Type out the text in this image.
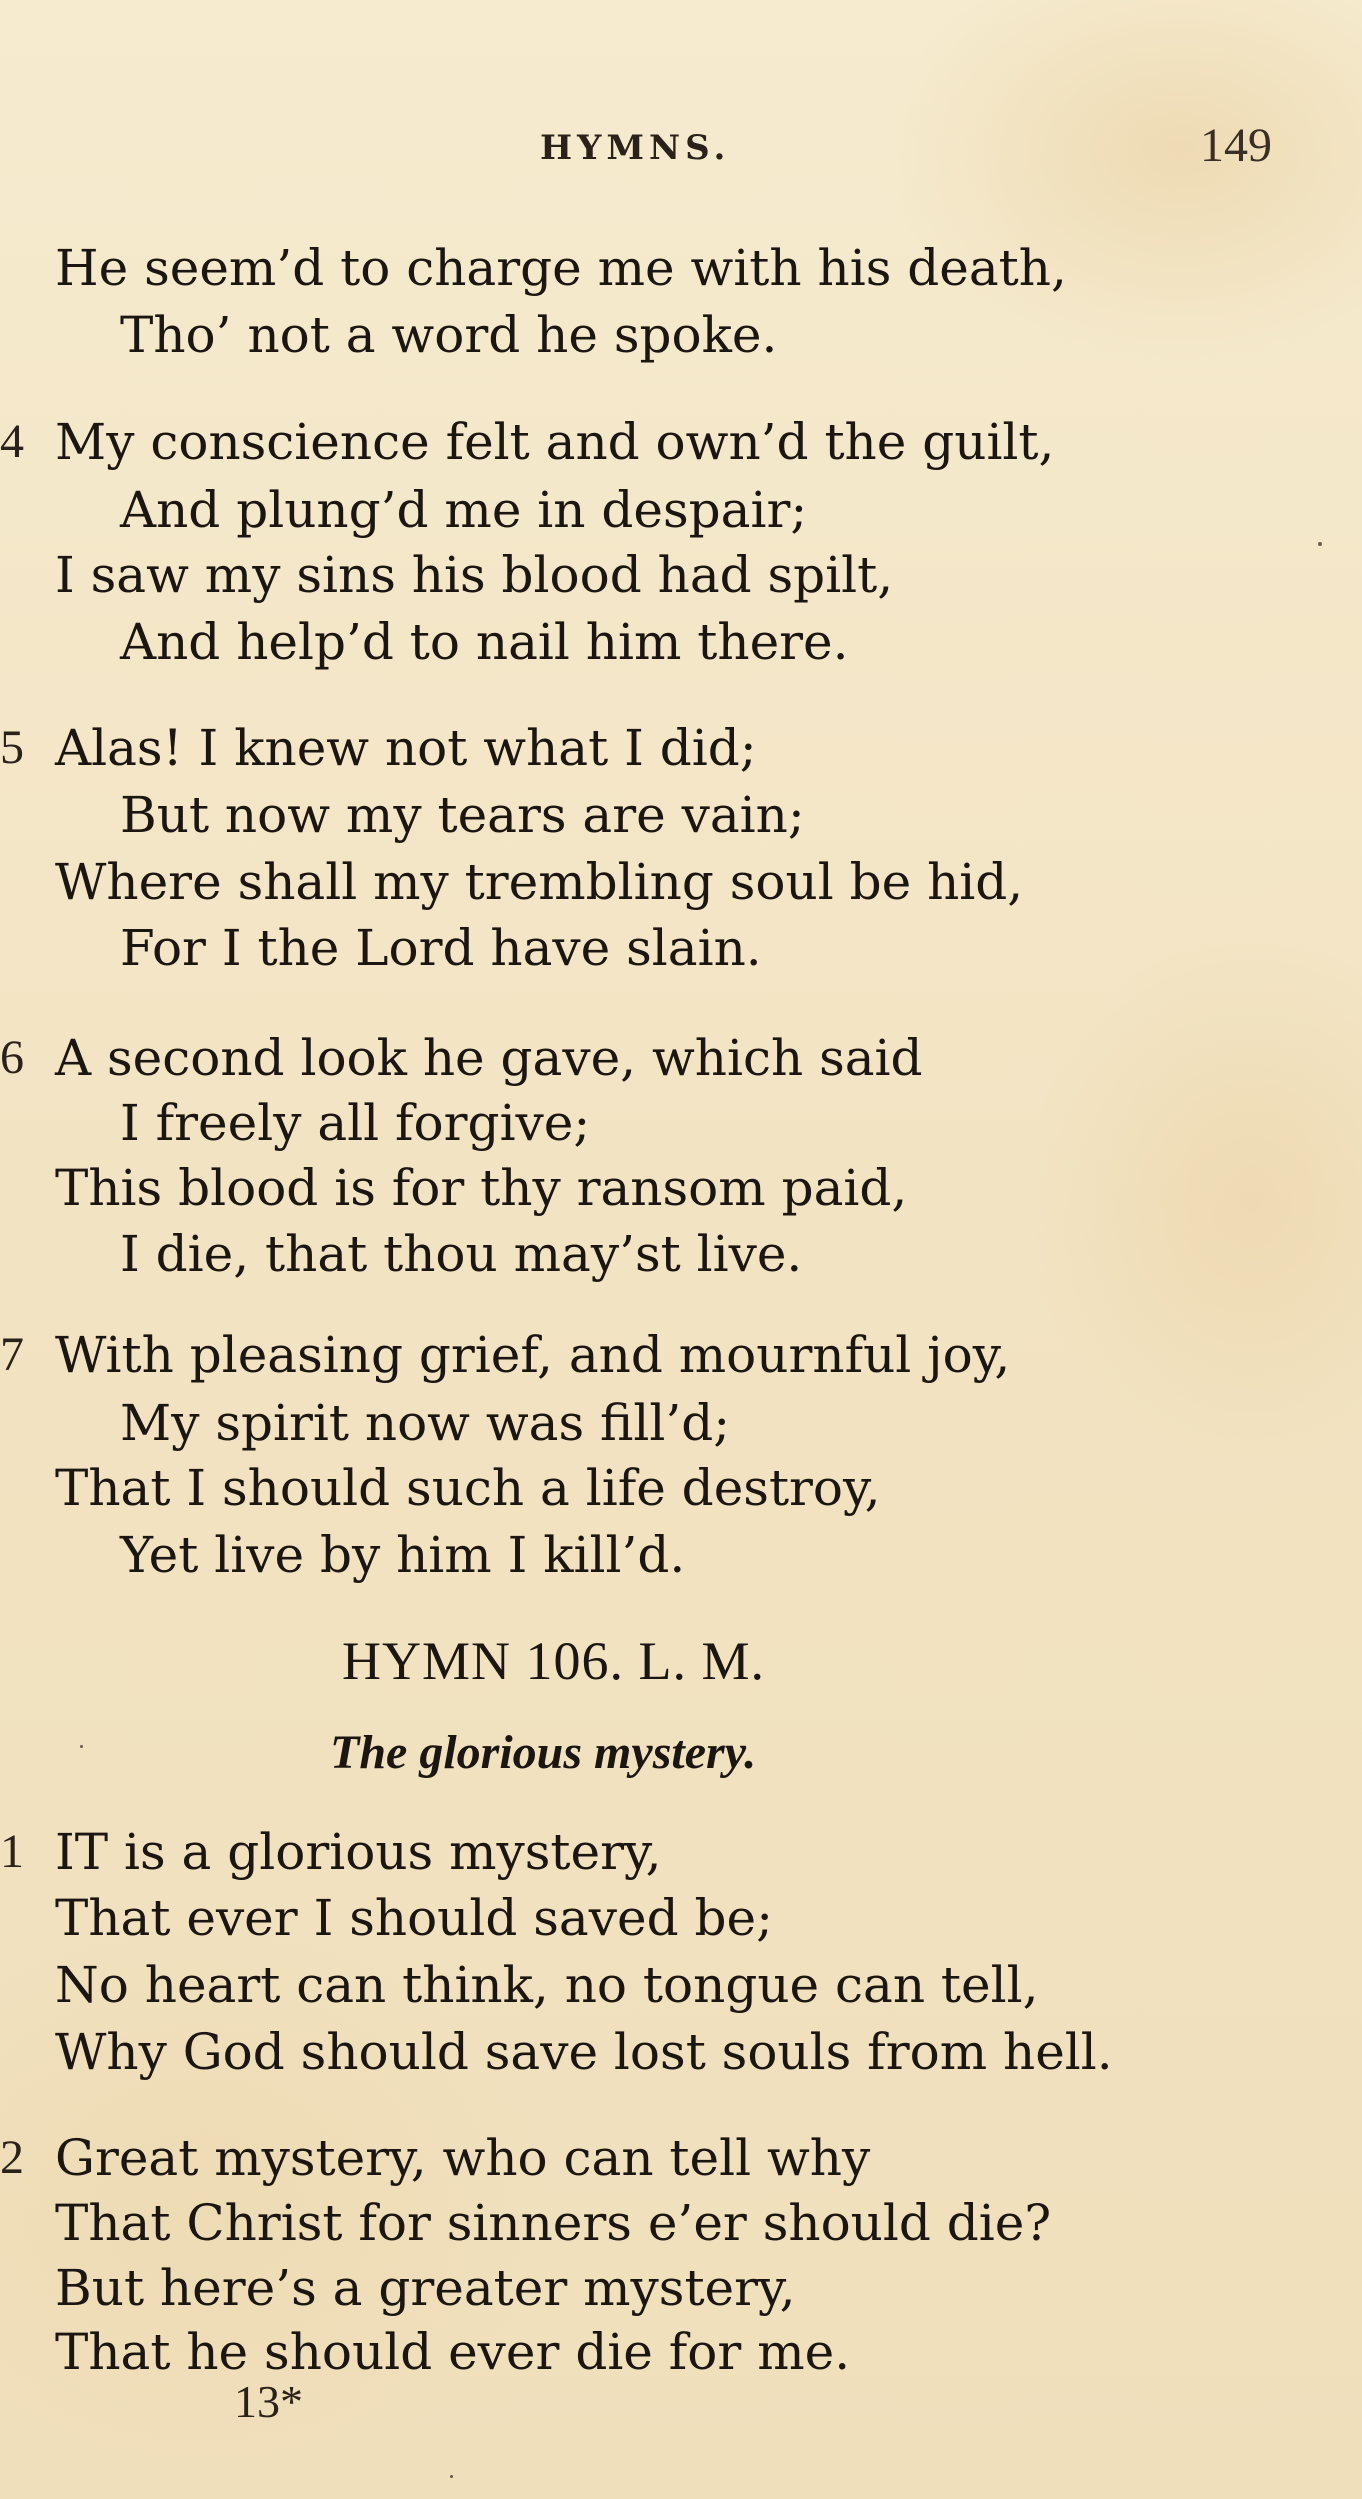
HYMNS.	149
He seem’d to charge me with his death,
Tho’ not a word he spoke.
4 My conscience felt and own’d the guilt,
And plung’d me in despair;
I saw my sins his blood had spilt,
And help’d to nail him there.
5 Alas! I knew not what I did;
But now my tears are vain;
Where shall my trembling soul be hid,
For I the Lord have slain.
6 A second look he gave, which said
I freely all forgive;
This blood is for thy ransom paid,
I die, that thou may’st live.
7 With pleasing grief, and mournful joy,
My spirit now was fill’d;
That I should such a life destroy,
Yet live by him I kill’d.
HYMN 106. L. M.
The glorious mystery.
1 IT is a glorious mystery,
That ever I should saved be;
No heart can think, no tongue can tell,
Why God should save lost souls from hell.
2 Great mystery, who can tell why
That Christ for sinners e’er should die?
But here’s a greater mystery,
That he should ever die for me.
13*
